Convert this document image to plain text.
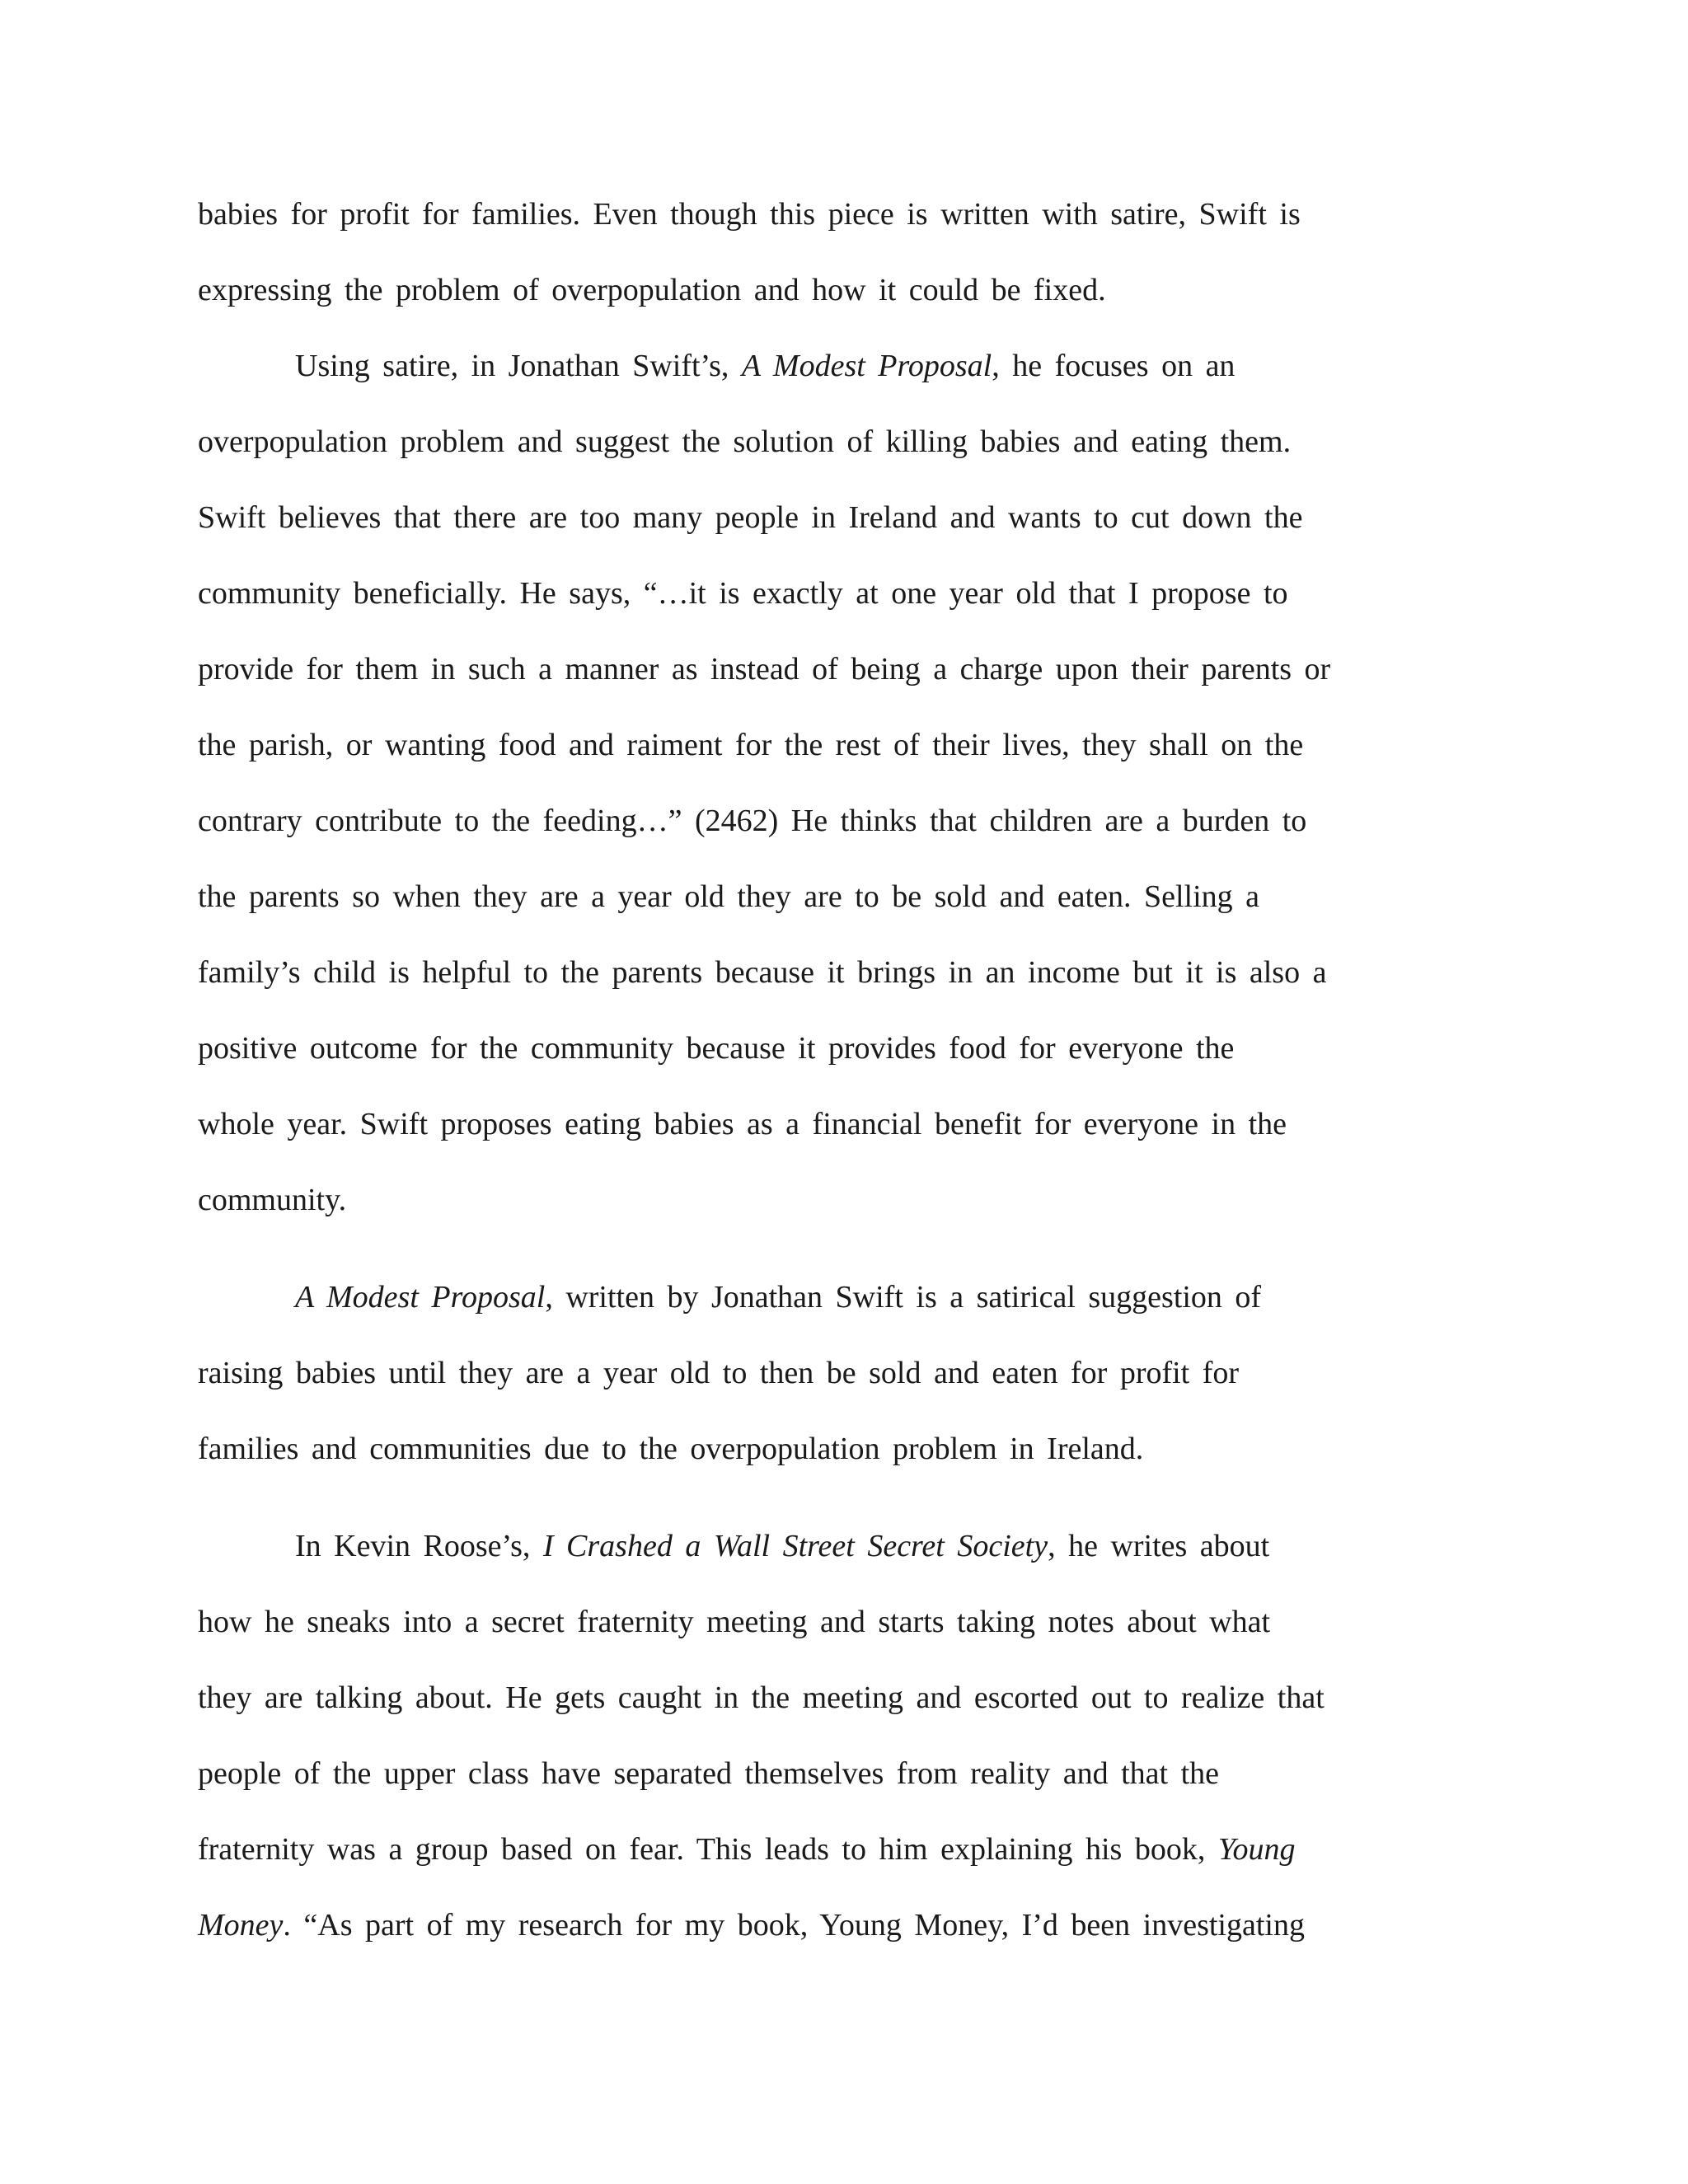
babies for profit for families. Even though this piece is written with satire, Swift is
expressing the problem of overpopulation and how it could be fixed.
Using satire, in Jonathan Swift’s, A Modest Proposal, he focuses on an
overpopulation problem and suggest the solution of killing babies and eating them.
Swift believes that there are too many people in Ireland and wants to cut down the
community beneficially. He says, “…it is exactly at one year old that I propose to
provide for them in such a manner as instead of being a charge upon their parents or
the parish, or wanting food and raiment for the rest of their lives, they shall on the
contrary contribute to the feeding…” (2462) He thinks that children are a burden to
the parents so when they are a year old they are to be sold and eaten. Selling a
family’s child is helpful to the parents because it brings in an income but it is also a
positive outcome for the community because it provides food for everyone the
whole year. Swift proposes eating babies as a financial benefit for everyone in the
community.
A Modest Proposal, written by Jonathan Swift is a satirical suggestion of
raising babies until they are a year old to then be sold and eaten for profit for
families and communities due to the overpopulation problem in Ireland.
In Kevin Roose’s, I Crashed a Wall Street Secret Society, he writes about
how he sneaks into a secret fraternity meeting and starts taking notes about what
they are talking about. He gets caught in the meeting and escorted out to realize that
people of the upper class have separated themselves from reality and that the
fraternity was a group based on fear. This leads to him explaining his book, Young
Money. “As part of my research for my book, Young Money, I’d been investigating
